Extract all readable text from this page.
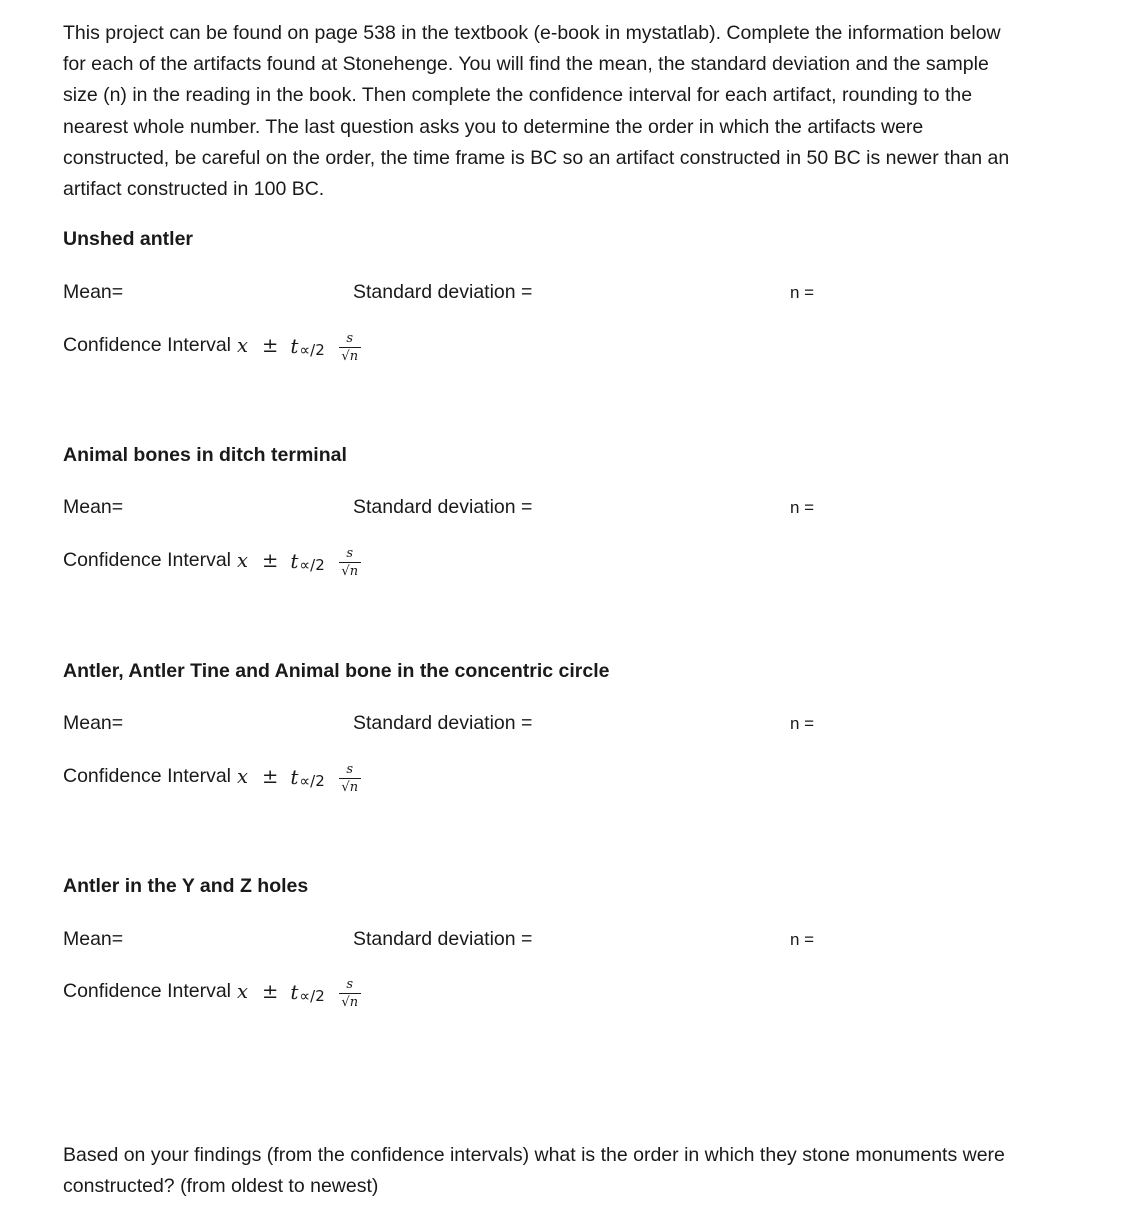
This project can be found on page 538 in the textbook (e-book in mystatlab). Complete the information below for each of the artifacts found at Stonehenge. You will find the mean, the standard deviation and the sample size (n) in the reading in the book. Then complete the confidence interval for each artifact, rounding to the nearest whole number. The last question asks you to determine the order in which the artifacts were constructed, be careful on the order, the time frame is BC so an artifact constructed in 50 BC is newer than an artifact constructed in 100 BC.

Unshed antler
Mean=	Standard deviation =	n =
Confidence Interval $x \pm t \propto/2 \frac{s}{√n}$
Animal bones in ditch terminal
Mean=	Standard deviation =	n =
Confidence Interval $x \pm t \propto/2 \frac{s}{√n}$
Antler, Antler Tine and Animal bone in the concentric circle
Mean=	Standard deviation =	n =
Confidence Interval $x \pm t \propto/2 \frac{s}{√n}$
Antler in the Y and Z holes
Mean=	Standard deviation =	n =
Confidence Interval $x \pm t \propto/2 \frac{s}{√n}$

Based on your findings (from the confidence intervals) what is the order in which they stone monuments were constructed? (from oldest to newest)
